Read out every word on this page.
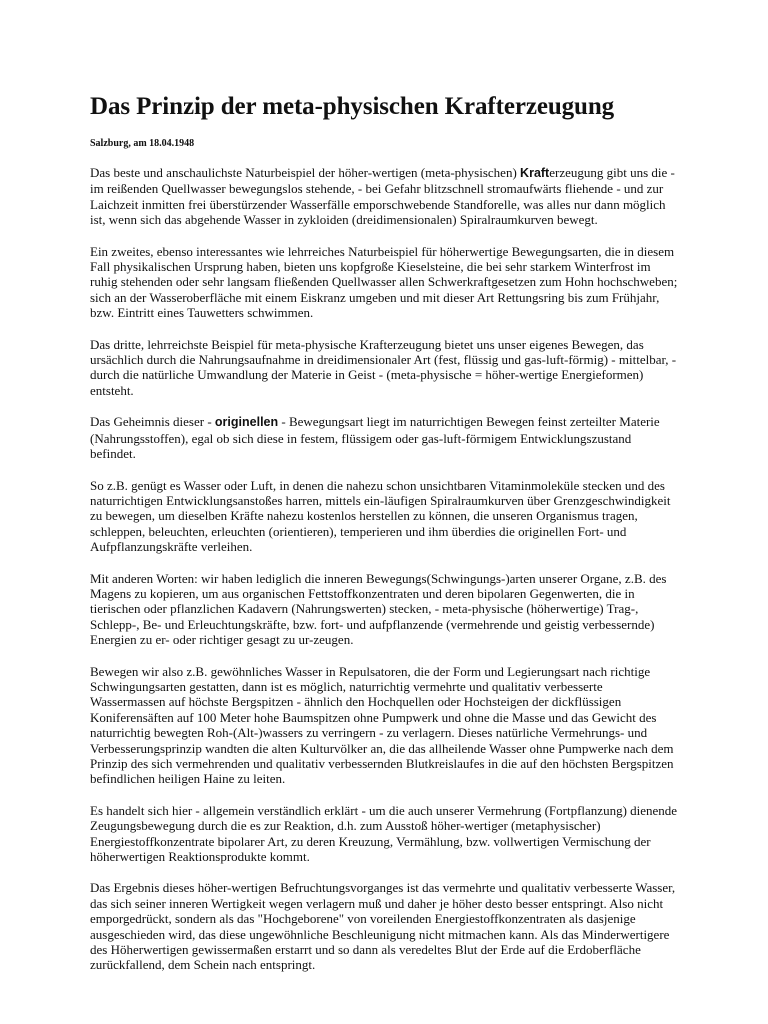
Das Prinzip der meta-physischen Krafterzeugung
Salzburg, am 18.04.1948

Das beste und anschaulichste Naturbeispiel der höher-wertigen (meta-physischen) Krafterzeugung gibt uns die - im reißenden Quellwasser bewegungslos stehende, - bei Gefahr blitzschnell stromaufwärts fliehende - und zur Laichzeit inmitten frei überstürzender Wasserfälle emporschwebende Standforelle, was alles nur dann möglich ist, wenn sich das abgehende Wasser in zykloiden (dreidimensionalen) Spiralraumkurven bewegt.

Ein zweites, ebenso interessantes wie lehrreiches Naturbeispiel für höherwertige Bewegungsarten, die in diesem Fall physikalischen Ursprung haben, bieten uns kopfgroße Kieselsteine, die bei sehr starkem Winterfrost im ruhig stehenden oder sehr langsam fließenden Quellwasser allen Schwerkraftgesetzen zum Hohn hochschweben; sich an der Wasseroberfläche mit einem Eiskranz umgeben und mit dieser Art Rettungsring bis zum Frühjahr, bzw. Eintritt eines Tauwetters schwimmen.

Das dritte, lehrreichste Beispiel für meta-physische Krafterzeugung bietet uns unser eigenes Bewegen, das ursächlich durch die Nahrungsaufnahme in dreidimensionaler Art (fest, flüssig und gas-luft-förmig) - mittelbar, - durch die natürliche Umwandlung der Materie in Geist - (meta-physische = höher-wertige Energieformen) entsteht.

Das Geheimnis dieser - originellen - Bewegungsart liegt im naturrichtigen Bewegen feinst zerteilter Materie (Nahrungsstoffen), egal ob sich diese in festem, flüssigem oder gas-luft-förmigem Entwicklungszustand befindet.

So z.B. genügt es Wasser oder Luft, in denen die nahezu schon unsichtbaren Vitaminmoleküle stecken und des naturrichtigen Entwicklungsanstoßes harren, mittels ein-läufigen Spiralraumkurven über Grenzgeschwindigkeit zu bewegen, um dieselben Kräfte nahezu kostenlos herstellen zu können, die unseren Organismus tragen, schleppen, beleuchten, erleuchten (orientieren), temperieren und ihm überdies die originellen Fort- und Aufpflanzungskräfte verleihen.

Mit anderen Worten: wir haben lediglich die inneren Bewegungs(Schwingungs-)arten unserer Organe, z.B. des Magens zu kopieren, um aus organischen Fettstoffkonzentraten und deren bipolaren Gegenwerten, die in tierischen oder pflanzlichen Kadavern (Nahrungswerten) stecken, - meta-physische (höherwertige) Trag-, Schlepp-, Be- und Erleuchtungskräfte, bzw. fort- und aufpflanzende (vermehrende und geistig verbessernde) Energien zu er- oder richtiger gesagt zu ur-zeugen.

Bewegen wir also z.B. gewöhnliches Wasser in Repulsatoren, die der Form und Legierungsart nach richtige Schwingungsarten gestatten, dann ist es möglich, naturrichtig vermehrte und qualitativ verbesserte Wassermassen auf höchste Bergspitzen - ähnlich den Hochquellen oder Hochsteigen der dickflüssigen Koniferensäften auf 100 Meter hohe Baumspitzen ohne Pumpwerk und ohne die Masse und das Gewicht des naturrichtig bewegten Roh-(Alt-)wassers zu verringern - zu verlagern. Dieses natürliche Vermehrungs- und Verbesserungsprinzip wandten die alten Kulturvölker an, die das allheilende Wasser ohne Pumpwerke nach dem Prinzip des sich vermehrenden und qualitativ verbessernden Blutkreislaufes in die auf den höchsten Bergspitzen befindlichen heiligen Haine zu leiten.

Es handelt sich hier - allgemein verständlich erklärt - um die auch unserer Vermehrung (Fortpflanzung) dienende Zeugungsbewegung durch die es zur Reaktion, d.h. zum Ausstoß höher-wertiger (metaphysischer) Energiestoffkonzentrate bipolarer Art, zu deren Kreuzung, Vermählung, bzw. vollwertigen Vermischung der höherwertigen Reaktionsprodukte kommt.

Das Ergebnis dieses höher-wertigen Befruchtungsvorganges ist das vermehrte und qualitativ verbesserte Wasser, das sich seiner inneren Wertigkeit wegen verlagern muß und daher je höher desto besser entspringt. Also nicht emporgedrückt, sondern als das "Hochgeborene" von voreilenden Energiestoffkonzentraten als dasjenige ausgeschieden wird, das diese ungewöhnliche Beschleunigung nicht mitmachen kann. Als das Minderwertigere des Höherwertigen gewissermaßen erstarrt und so dann als veredeltes Blut der Erde auf die Erdoberfläche zurückfallend, dem Schein nach entspringt.
